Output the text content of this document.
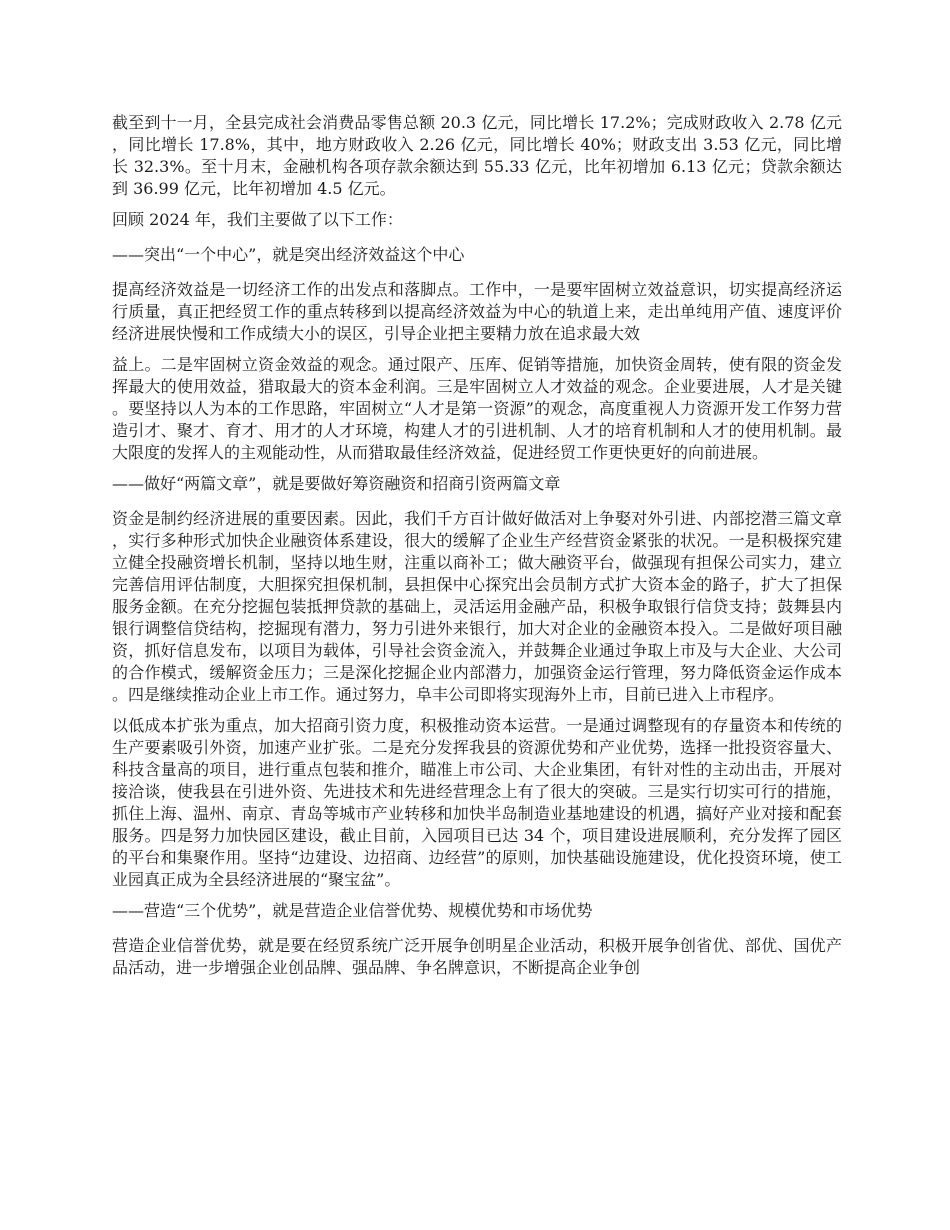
截至到十一月，全县完成社会消费品零售总额 20.3 亿元，同比增长 17.2%；完成财政收入 2.78 亿元，同比增长 17.8%，其中，地方财政收入 2.26 亿元，同比增长 40%；财政支出 3.53 亿元，同比增长 32.3%。至十月末，金融机构各项存款余额达到 55.33 亿元，比年初增加 6.13 亿元；贷款余额达到 36.99 亿元，比年初增加 4.5 亿元。

回顾 2024 年，我们主要做了以下工作：

——突出“一个中心”，就是突出经济效益这个中心

提高经济效益是一切经济工作的出发点和落脚点。工作中，一是要牢固树立效益意识，切实提高经济运行质量，真正把经贸工作的重点转移到以提高经济效益为中心的轨道上来，走出单纯用产值、速度评价经济进展快慢和工作成绩大小的误区，引导企业把主要精力放在追求最大效

益上。二是牢固树立资金效益的观念。通过限产、压库、促销等措施，加快资金周转，使有限的资金发挥最大的使用效益，猎取最大的资本金利润。三是牢固树立人才效益的观念。企业要进展，人才是关键。要坚持以人为本的工作思路，牢固树立“人才是第一资源”的观念，高度重视人力资源开发工作努力营造引才、聚才、育才、用才的人才环境，构建人才的引进机制、人才的培育机制和人才的使用机制。最大限度的发挥人的主观能动性，从而猎取最佳经济效益，促进经贸工作更快更好的向前进展。

——做好“两篇文章”，就是要做好筹资融资和招商引资两篇文章

资金是制约经济进展的重要因素。因此，我们千方百计做好做活对上争娶对外引进、内部挖潜三篇文章，实行多种形式加快企业融资体系建设，很大的缓解了企业生产经营资金紧张的状况。一是积极探究建立健全投融资增长机制，坚持以地生财，注重以商补工；做大融资平台，做强现有担保公司实力，建立完善信用评估制度，大胆探究担保机制，县担保中心探究出会员制方式扩大资本金的路子，扩大了担保服务金额。在充分挖掘包装抵押贷款的基础上，灵活运用金融产品，积极争取银行信贷支持；鼓舞县内银行调整信贷结构，挖掘现有潜力，努力引进外来银行，加大对企业的金融资本投入。二是做好项目融资，抓好信息发布，以项目为载体，引导社会资金流入，并鼓舞企业通过争取上市及与大企业、大公司的合作模式，缓解资金压力；三是深化挖掘企业内部潜力，加强资金运行管理，努力降低资金运作成本。四是继续推动企业上市工作。通过努力，阜丰公司即将实现海外上市，目前已进入上市程序。

以低成本扩张为重点，加大招商引资力度，积极推动资本运营。一是通过调整现有的存量资本和传统的生产要素吸引外资，加速产业扩张。二是充分发挥我县的资源优势和产业优势，选择一批投资容量大、科技含量高的项目，进行重点包装和推介，瞄准上市公司、大企业集团，有针对性的主动出击，开展对接洽谈，使我县在引进外资、先进技术和先进经营理念上有了很大的突破。三是实行切实可行的措施，抓住上海、温州、南京、青岛等城市产业转移和加快半岛制造业基地建设的机遇，搞好产业对接和配套服务。四是努力加快园区建设，截止目前，入园项目已达 34 个，项目建设进展顺利，充分发挥了园区的平台和集聚作用。坚持“边建设、边招商、边经营”的原则，加快基础设施建设，优化投资环境，使工业园真正成为全县经济进展的“聚宝盆”。

——营造“三个优势”，就是营造企业信誉优势、规模优势和市场优势

营造企业信誉优势，就是要在经贸系统广泛开展争创明星企业活动，积极开展争创省优、部优、国优产品活动，进一步增强企业创品牌、强品牌、争名牌意识，不断提高企业争创
